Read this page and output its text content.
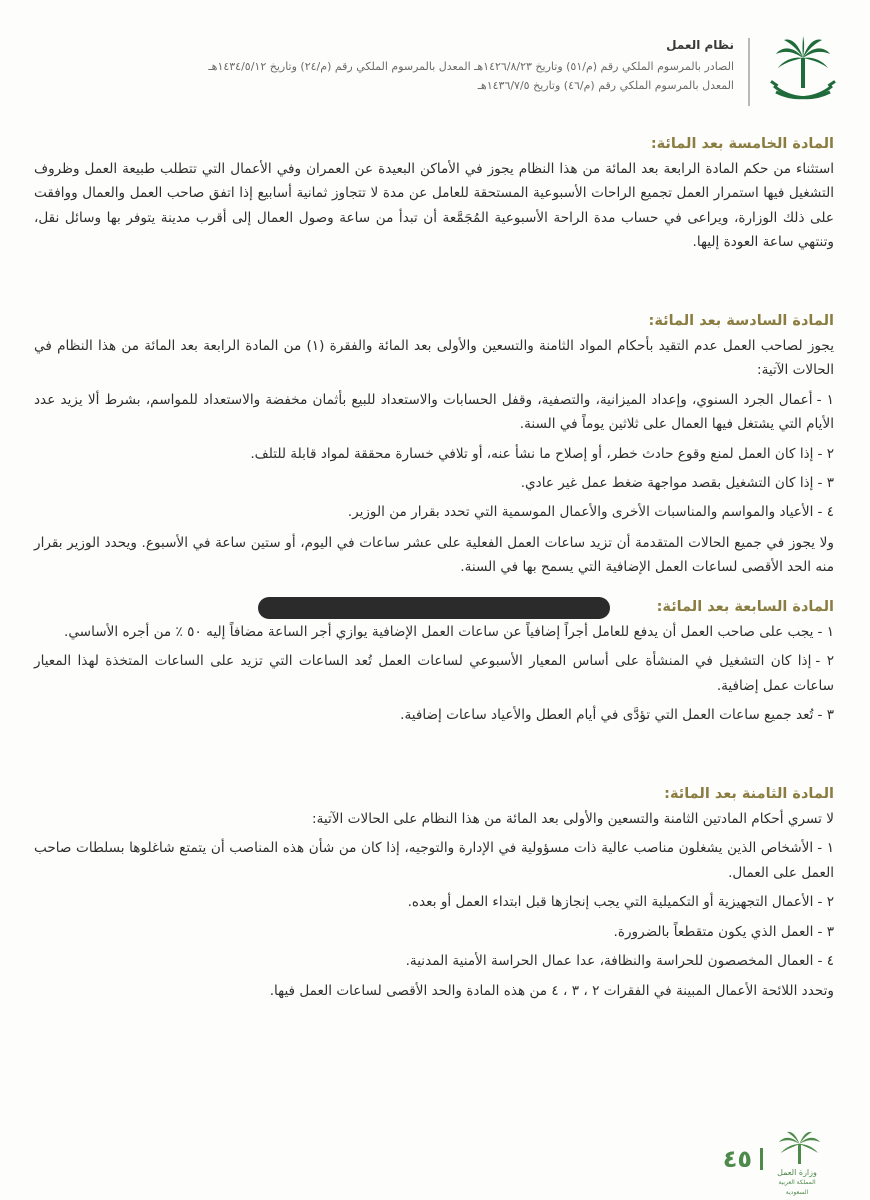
نظام العمل
الصادر بالمرسوم الملكي رقم (م/٥١) وتاريخ ١٤٢٦/٨/٢٣هـ المعدل بالمرسوم الملكي رقم (م/٢٤) وتاريخ ١٤٣٤/٥/١٢هـ
المعدل بالمرسوم الملكي رقم (م/٤٦) وتاريخ ١٤٣٦/٧/٥هـ
المادة الخامسة بعد المائة:
استثناء من حكم المادة الرابعة بعد المائة من هذا النظام يجوز في الأماكن البعيدة عن العمران وفي الأعمال التي تتطلب طبيعة العمل وظروف التشغيل فيها استمرار العمل تجميع الراحات الأسبوعية المستحقة للعامل عن مدة لا تتجاوز ثمانية أسابيع إذا اتفق صاحب العمل والعمال ووافقت على ذلك الوزارة، ويراعى في حساب مدة الراحة الأسبوعية المُجَمَّعة أن تبدأ من ساعة وصول العمال إلى أقرب مدينة يتوفر بها وسائل نقل، وتنتهي ساعة العودة إليها.
المادة السادسة بعد المائة:
يجوز لصاحب العمل عدم التقيد بأحكام المواد الثامنة والتسعين والأولى بعد المائة والفقرة (١) من المادة الرابعة بعد المائة من هذا النظام في الحالات الآتية:
١ -أعمال الجرد السنوي، وإعداد الميزانية، والتصفية، وقفل الحسابات والاستعداد للبيع بأثمان مخفضة والاستعداد للمواسم، بشرط ألا يزيد عدد الأيام التي يشتغل فيها العمال على ثلاثين يوماً في السنة.
٢ -إذا كان العمل لمنع وقوع حادث خطر، أو إصلاح ما نشأ عنه، أو تلافي خسارة محققة لمواد قابلة للتلف.
٣ -إذا كان التشغيل بقصد مواجهة ضغط عمل غير عادي.
٤ -الأعياد والمواسم والمناسبات الأخرى والأعمال الموسمية التي تحدد بقرار من الوزير.
ولا يجوز في جميع الحالات المتقدمة أن تزيد ساعات العمل الفعلية على عشر ساعات في اليوم، أو ستين ساعة في الأسبوع. ويحدد الوزير بقرار منه الحد الأقصى لساعات العمل الإضافية التي يسمح بها في السنة.
المادة السابعة بعد المائة:
١ -يجب على صاحب العمل أن يدفع للعامل أجراً إضافياً عن ساعات العمل الإضافية يوازي أجر الساعة مضافاً إليه ٥٠ ٪ من أجره الأساسي.
٢ -إذا كان التشغيل في المنشأة على أساس المعيار الأسبوعي لساعات العمل تُعد الساعات التي تزيد على الساعات المتخذة لهذا المعيار ساعات عمل إضافية.
٣ -تُعد جميع ساعات العمل التي تؤدَّى في أيام العطل والأعياد ساعات إضافية.
المادة الثامنة بعد المائة:
لا تسري أحكام المادتين الثامنة والتسعين والأولى بعد المائة من هذا النظام على الحالات الآتية:
١ -الأشخاص الذين يشغلون مناصب عالية ذات مسؤولية في الإدارة والتوجيه، إذا كان من شأن هذه المناصب أن يتمتع شاغلوها بسلطات صاحب العمل على العمال.
٢ -الأعمال التجهيزية أو التكميلية التي يجب إنجازها قبل ابتداء العمل أو بعده.
٣ -العمل الذي يكون متقطعاً بالضرورة.
٤ -العمال المخصصون للحراسة والنظافة، عدا عمال الحراسة الأمنية المدنية.
وتحدد اللائحة الأعمال المبينة في الفقرات ٢ ، ٣ ، ٤ من هذه المادة والحد الأقصى لساعات العمل فيها.
٤٥	وزارة العمل
المملكة العربية السعودية
